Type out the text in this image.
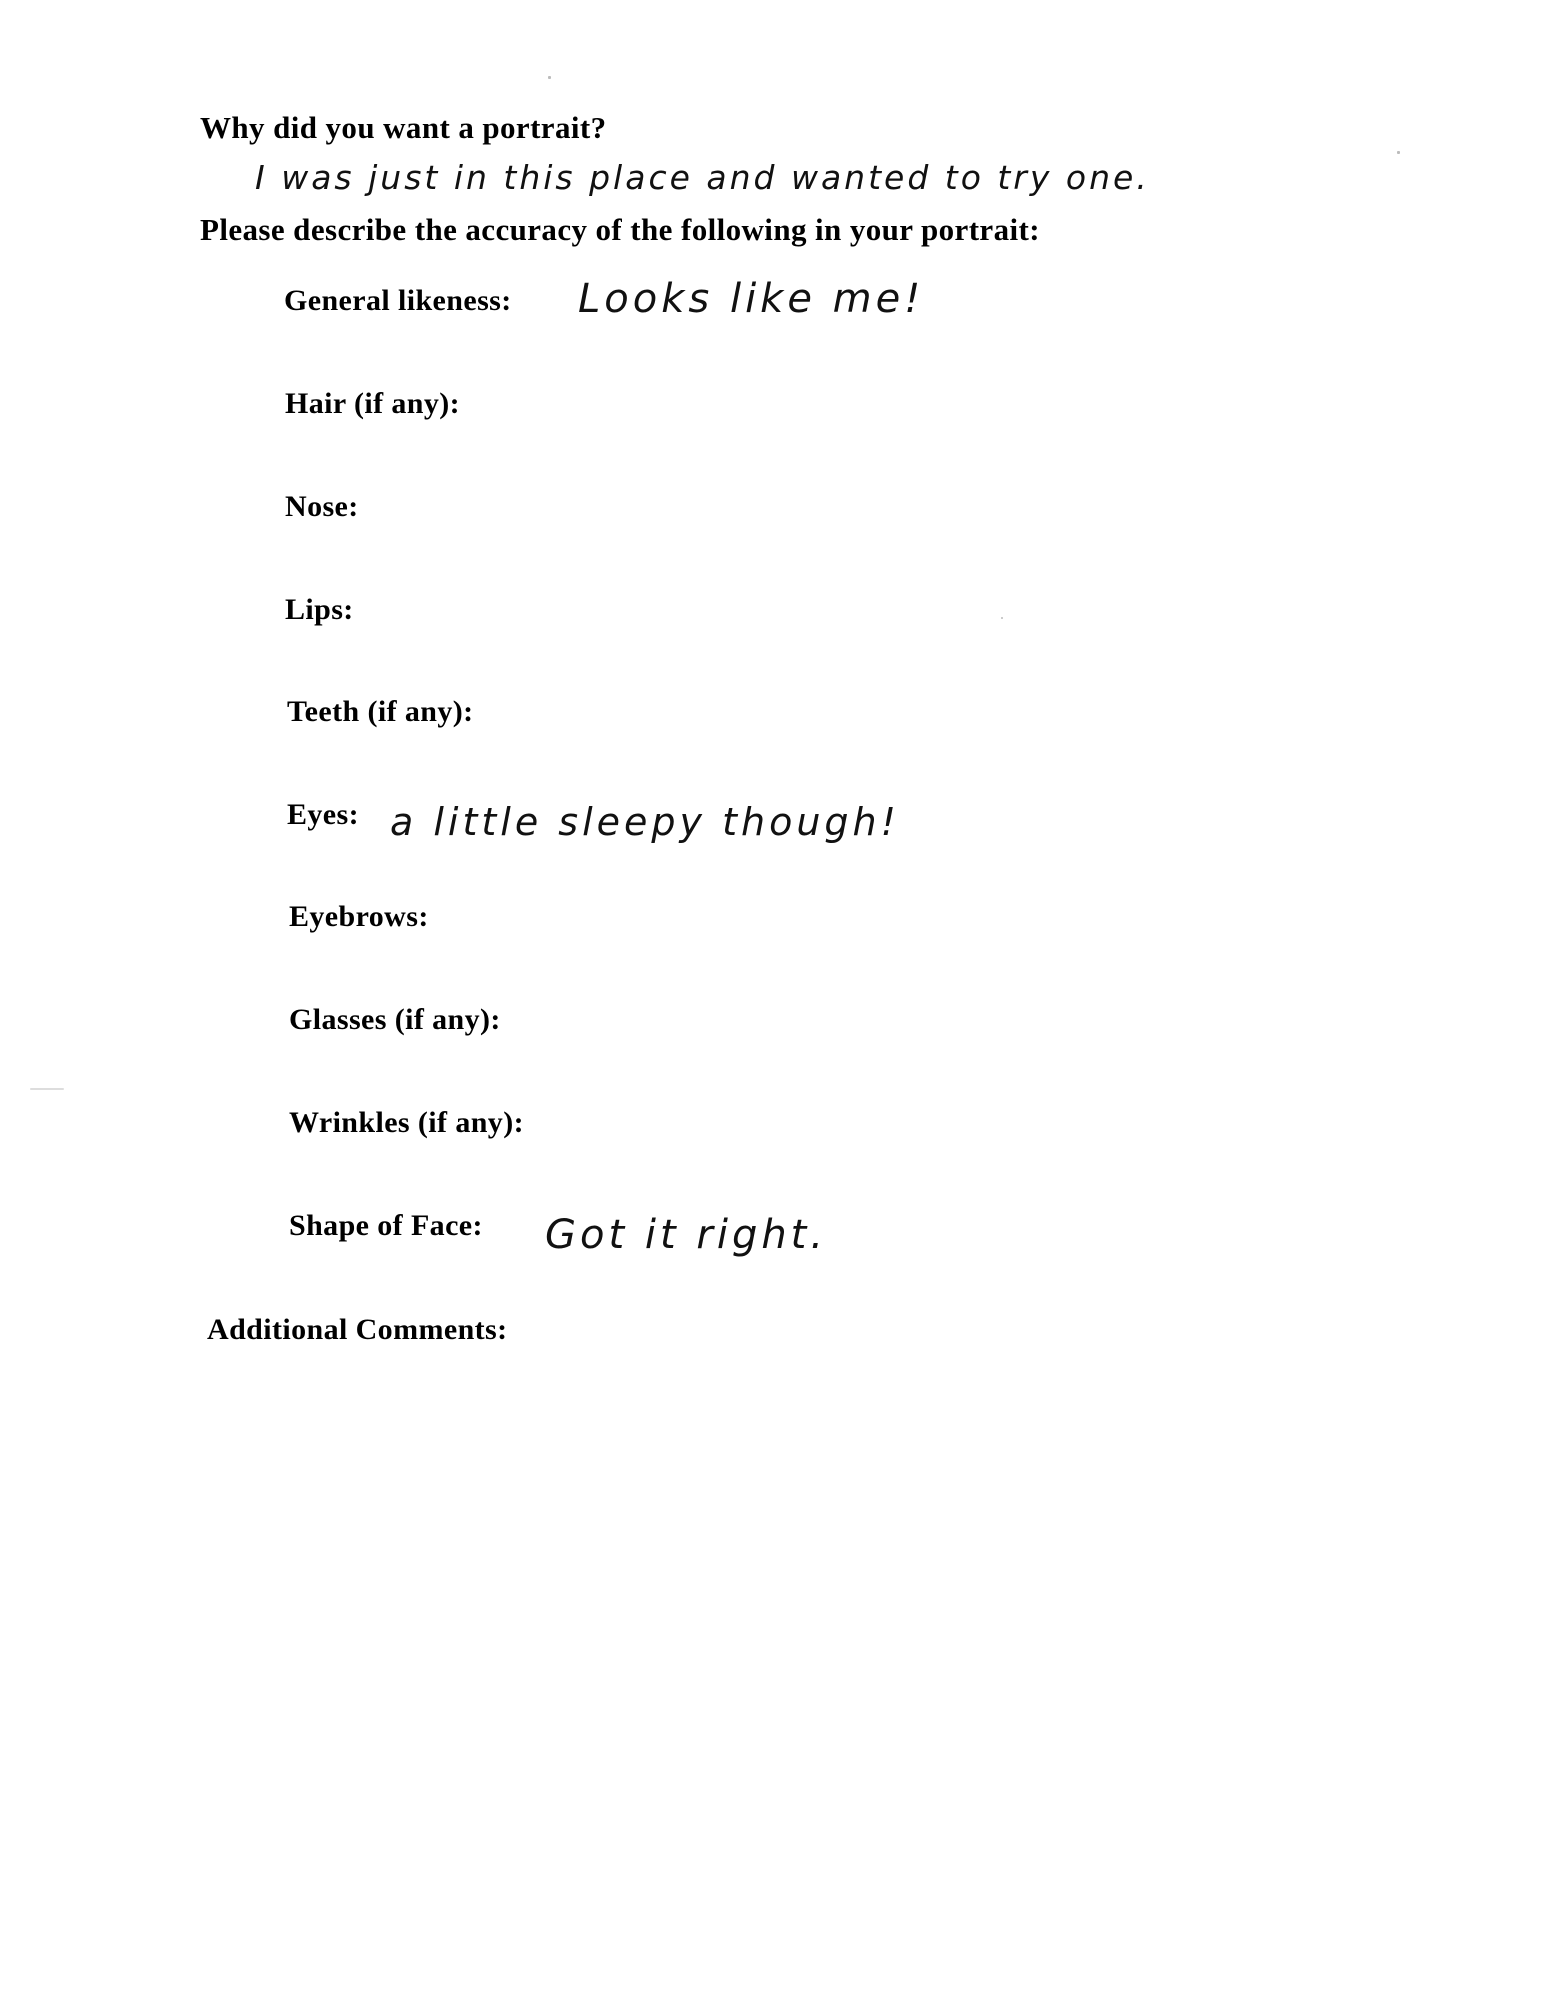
Why did you want a portrait?
I was just in this place and wanted to try one.
Please describe the accuracy of the following in your portrait:
General likeness: Looks like me!
Hair (if any):
Nose:
Lips:
Teeth (if any):
Eyes: a little sleepy though!
Eyebrows:
Glasses (if any):
Wrinkles (if any):
Shape of Face: Got it right.
Additional Comments:
